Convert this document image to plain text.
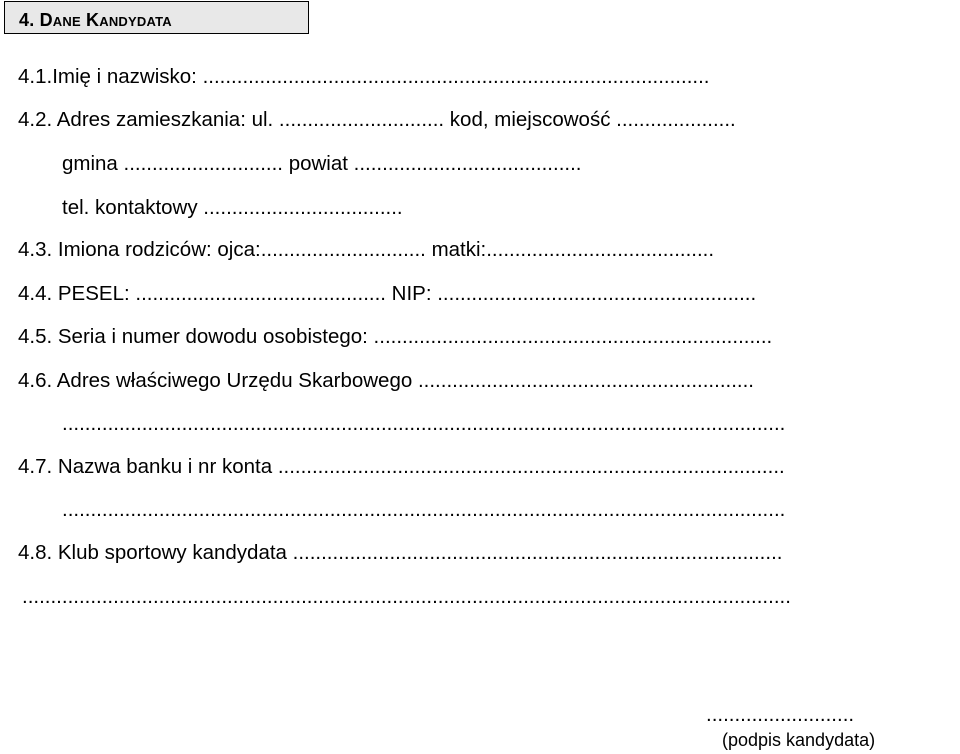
4. Dane Kandydata
4.1.Imię i nazwisko: .........................................................................................
4.2. Adres zamieszkania: ul. ............................. kod, miejscowość .....................
gmina ............................ powiat ........................................
tel. kontaktowy ...................................
4.3. Imiona rodziców: ojca:............................. matki:........................................
4.4. PESEL: ............................................ NIP: ........................................................
4.5. Seria i numer dowodu osobistego: ......................................................................
4.6. Adres właściwego Urzędu Skarbowego ...........................................................
...............................................................................................................................
4.7. Nazwa banku i nr konta .........................................................................................
...............................................................................................................................
4.8. Klub sportowy kandydata ......................................................................................
.......................................................................................................................................
..........................
(podpis kandydata)
